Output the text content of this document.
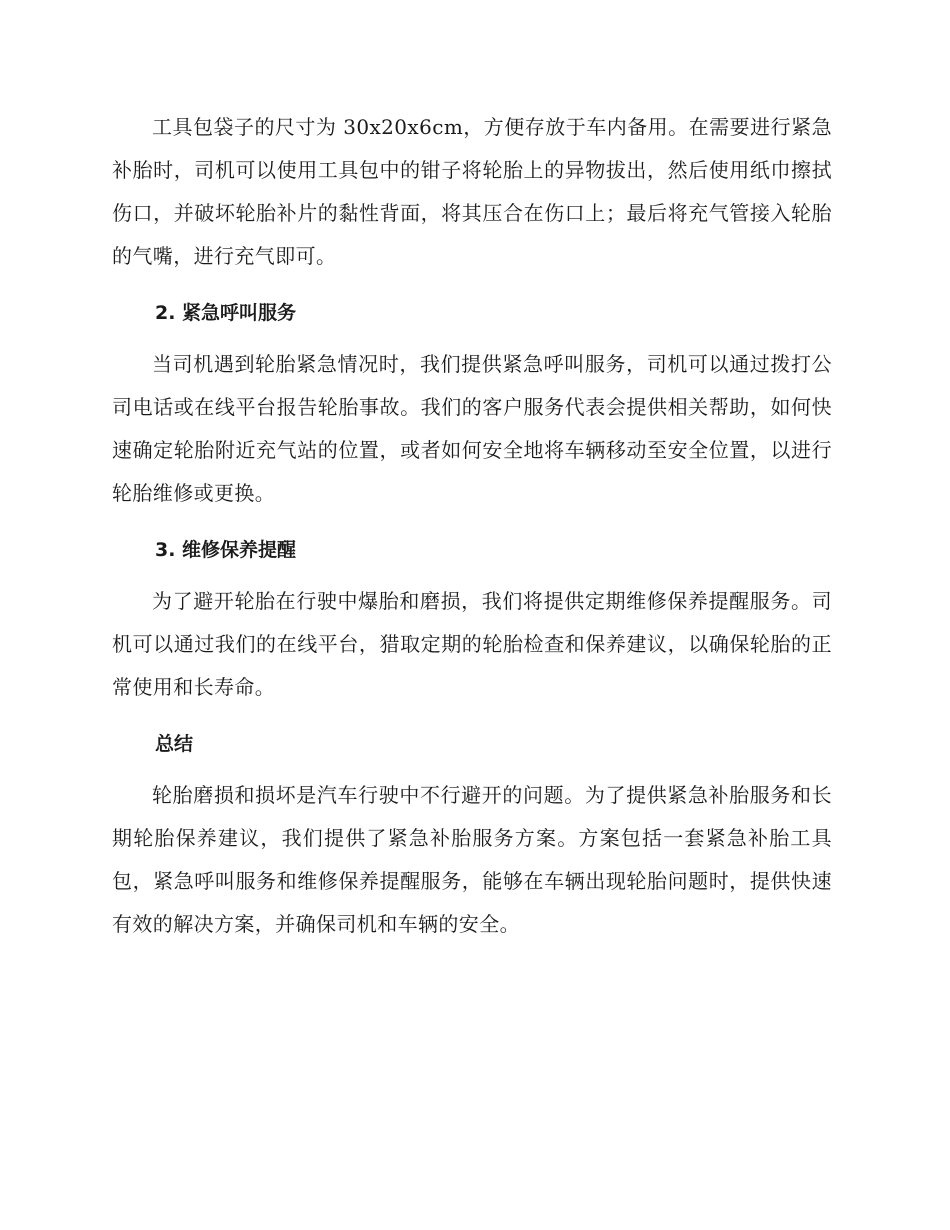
工具包袋子的尺寸为 30x20x6cm，方便存放于车内备用。在需要进行紧急补胎时，司机可以使用工具包中的钳子将轮胎上的异物拔出，然后使用纸巾擦拭伤口，并破坏轮胎补片的黏性背面，将其压合在伤口上；最后将充气管接入轮胎的气嘴，进行充气即可。

2. 紧急呼叫服务

当司机遇到轮胎紧急情况时，我们提供紧急呼叫服务，司机可以通过拨打公司电话或在线平台报告轮胎事故。我们的客户服务代表会提供相关帮助，如何快速确定轮胎附近充气站的位置，或者如何安全地将车辆移动至安全位置，以进行轮胎维修或更换。

3. 维修保养提醒

为了避开轮胎在行驶中爆胎和磨损，我们将提供定期维修保养提醒服务。司机可以通过我们的在线平台，猎取定期的轮胎检查和保养建议，以确保轮胎的正常使用和长寿命。

总结

轮胎磨损和损坏是汽车行驶中不行避开的问题。为了提供紧急补胎服务和长期轮胎保养建议，我们提供了紧急补胎服务方案。方案包括一套紧急补胎工具包，紧急呼叫服务和维修保养提醒服务，能够在车辆出现轮胎问题时，提供快速有效的解决方案，并确保司机和车辆的安全。
